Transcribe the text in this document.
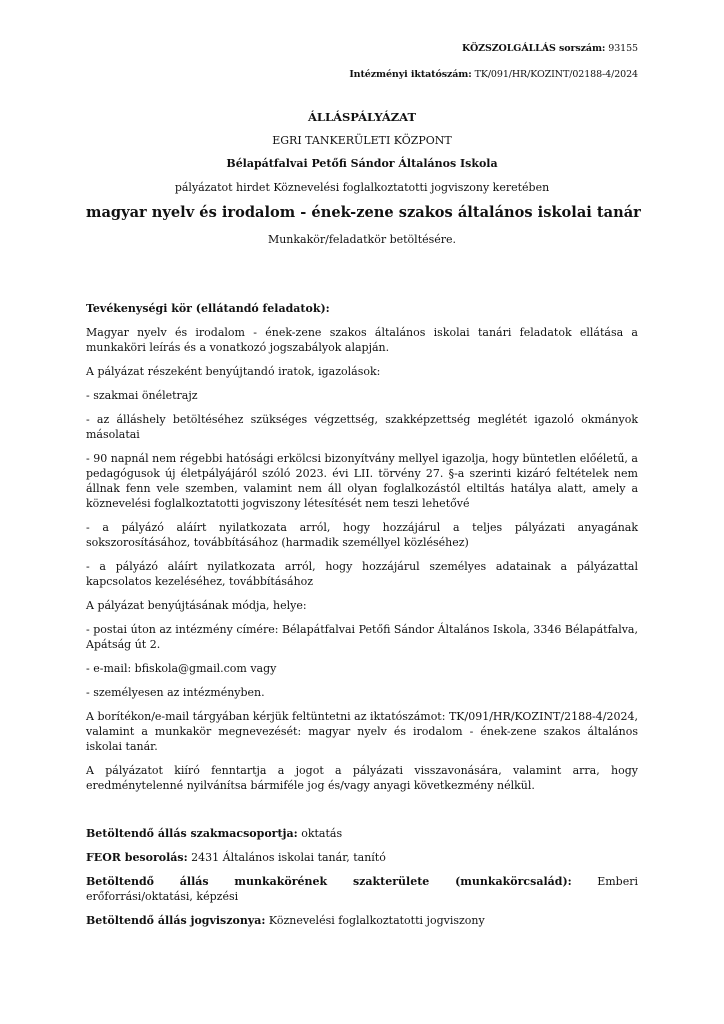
KÖZSZOLGÁLLÁS sorszám: 93155
Intézményi iktatószám: TK/091/HR/KOZINT/02188-4/2024
ÁLLÁSPÁLYÁZAT
EGRI TANKERÜLETI KÖZPONT
Bélapátfalvai Petőfi Sándor Általános Iskola
pályázatot hirdet Köznevelési foglalkoztatotti jogviszony keretében
magyar nyelv és irodalom - ének-zene szakos általános iskolai tanár
Munkakör/feladatkör betöltésére.

Tevékenységi kör (ellátandó feladatok):

Magyar nyelv és irodalom - ének-zene szakos általános iskolai tanári feladatok ellátása a munkaköri leírás és a vonatkozó jogszabályok alapján.

A pályázat részeként benyújtandó iratok, igazolások:

- szakmai önéletrajz

- az álláshely betöltéséhez szükséges végzettség, szakképzettség meglétét igazoló okmányok másolatai

- 90 napnál nem régebbi hatósági erkölcsi bizonyítvány mellyel igazolja, hogy büntetlen előéletű, a pedagógusok új életpályájáról szóló 2023. évi LII. törvény 27. §-a szerinti kizáró feltételek nem állnak fenn vele szemben, valamint nem áll olyan foglalkozástól eltiltás hatálya alatt, amely a köznevelési foglalkoztatotti jogviszony létesítését nem teszi lehetővé

- a pályázó aláírt nyilatkozata arról, hogy hozzájárul a teljes pályázati anyagának sokszorosításához, továbbításához (harmadik személlyel közléséhez)

- a pályázó aláírt nyilatkozata arról, hogy hozzájárul személyes adatainak a pályázattal kapcsolatos kezeléséhez, továbbításához

A pályázat benyújtásának módja, helye:

- postai úton az intézmény címére: Bélapátfalvai Petőfi Sándor Általános Iskola, 3346 Bélapátfalva, Apátság út 2.

- e-mail: bfiskola@gmail.com vagy

- személyesen az intézményben.

A borítékon/e-mail tárgyában kérjük feltüntetni az iktatószámot: TK/091/HR/KOZINT/2188-4/2024, valamint a munkakör megnevezését: magyar nyelv és irodalom - ének-zene szakos általános iskolai tanár.

A pályázatot kiíró fenntartja a jogot a pályázati visszavonására, valamint arra, hogy eredménytelenné nyilvánítsa bármiféle jog és/vagy anyagi következmény nélkül.

Betöltendő állás szakmacsoportja: oktatás

FEOR besorolás: 2431 Általános iskolai tanár, tanító

Betöltendő állás munkakörének szakterülete (munkakörcsalád): Emberi erőforrási/oktatási, képzési

Betöltendő állás jogviszonya: Köznevelési foglalkoztatotti jogviszony
